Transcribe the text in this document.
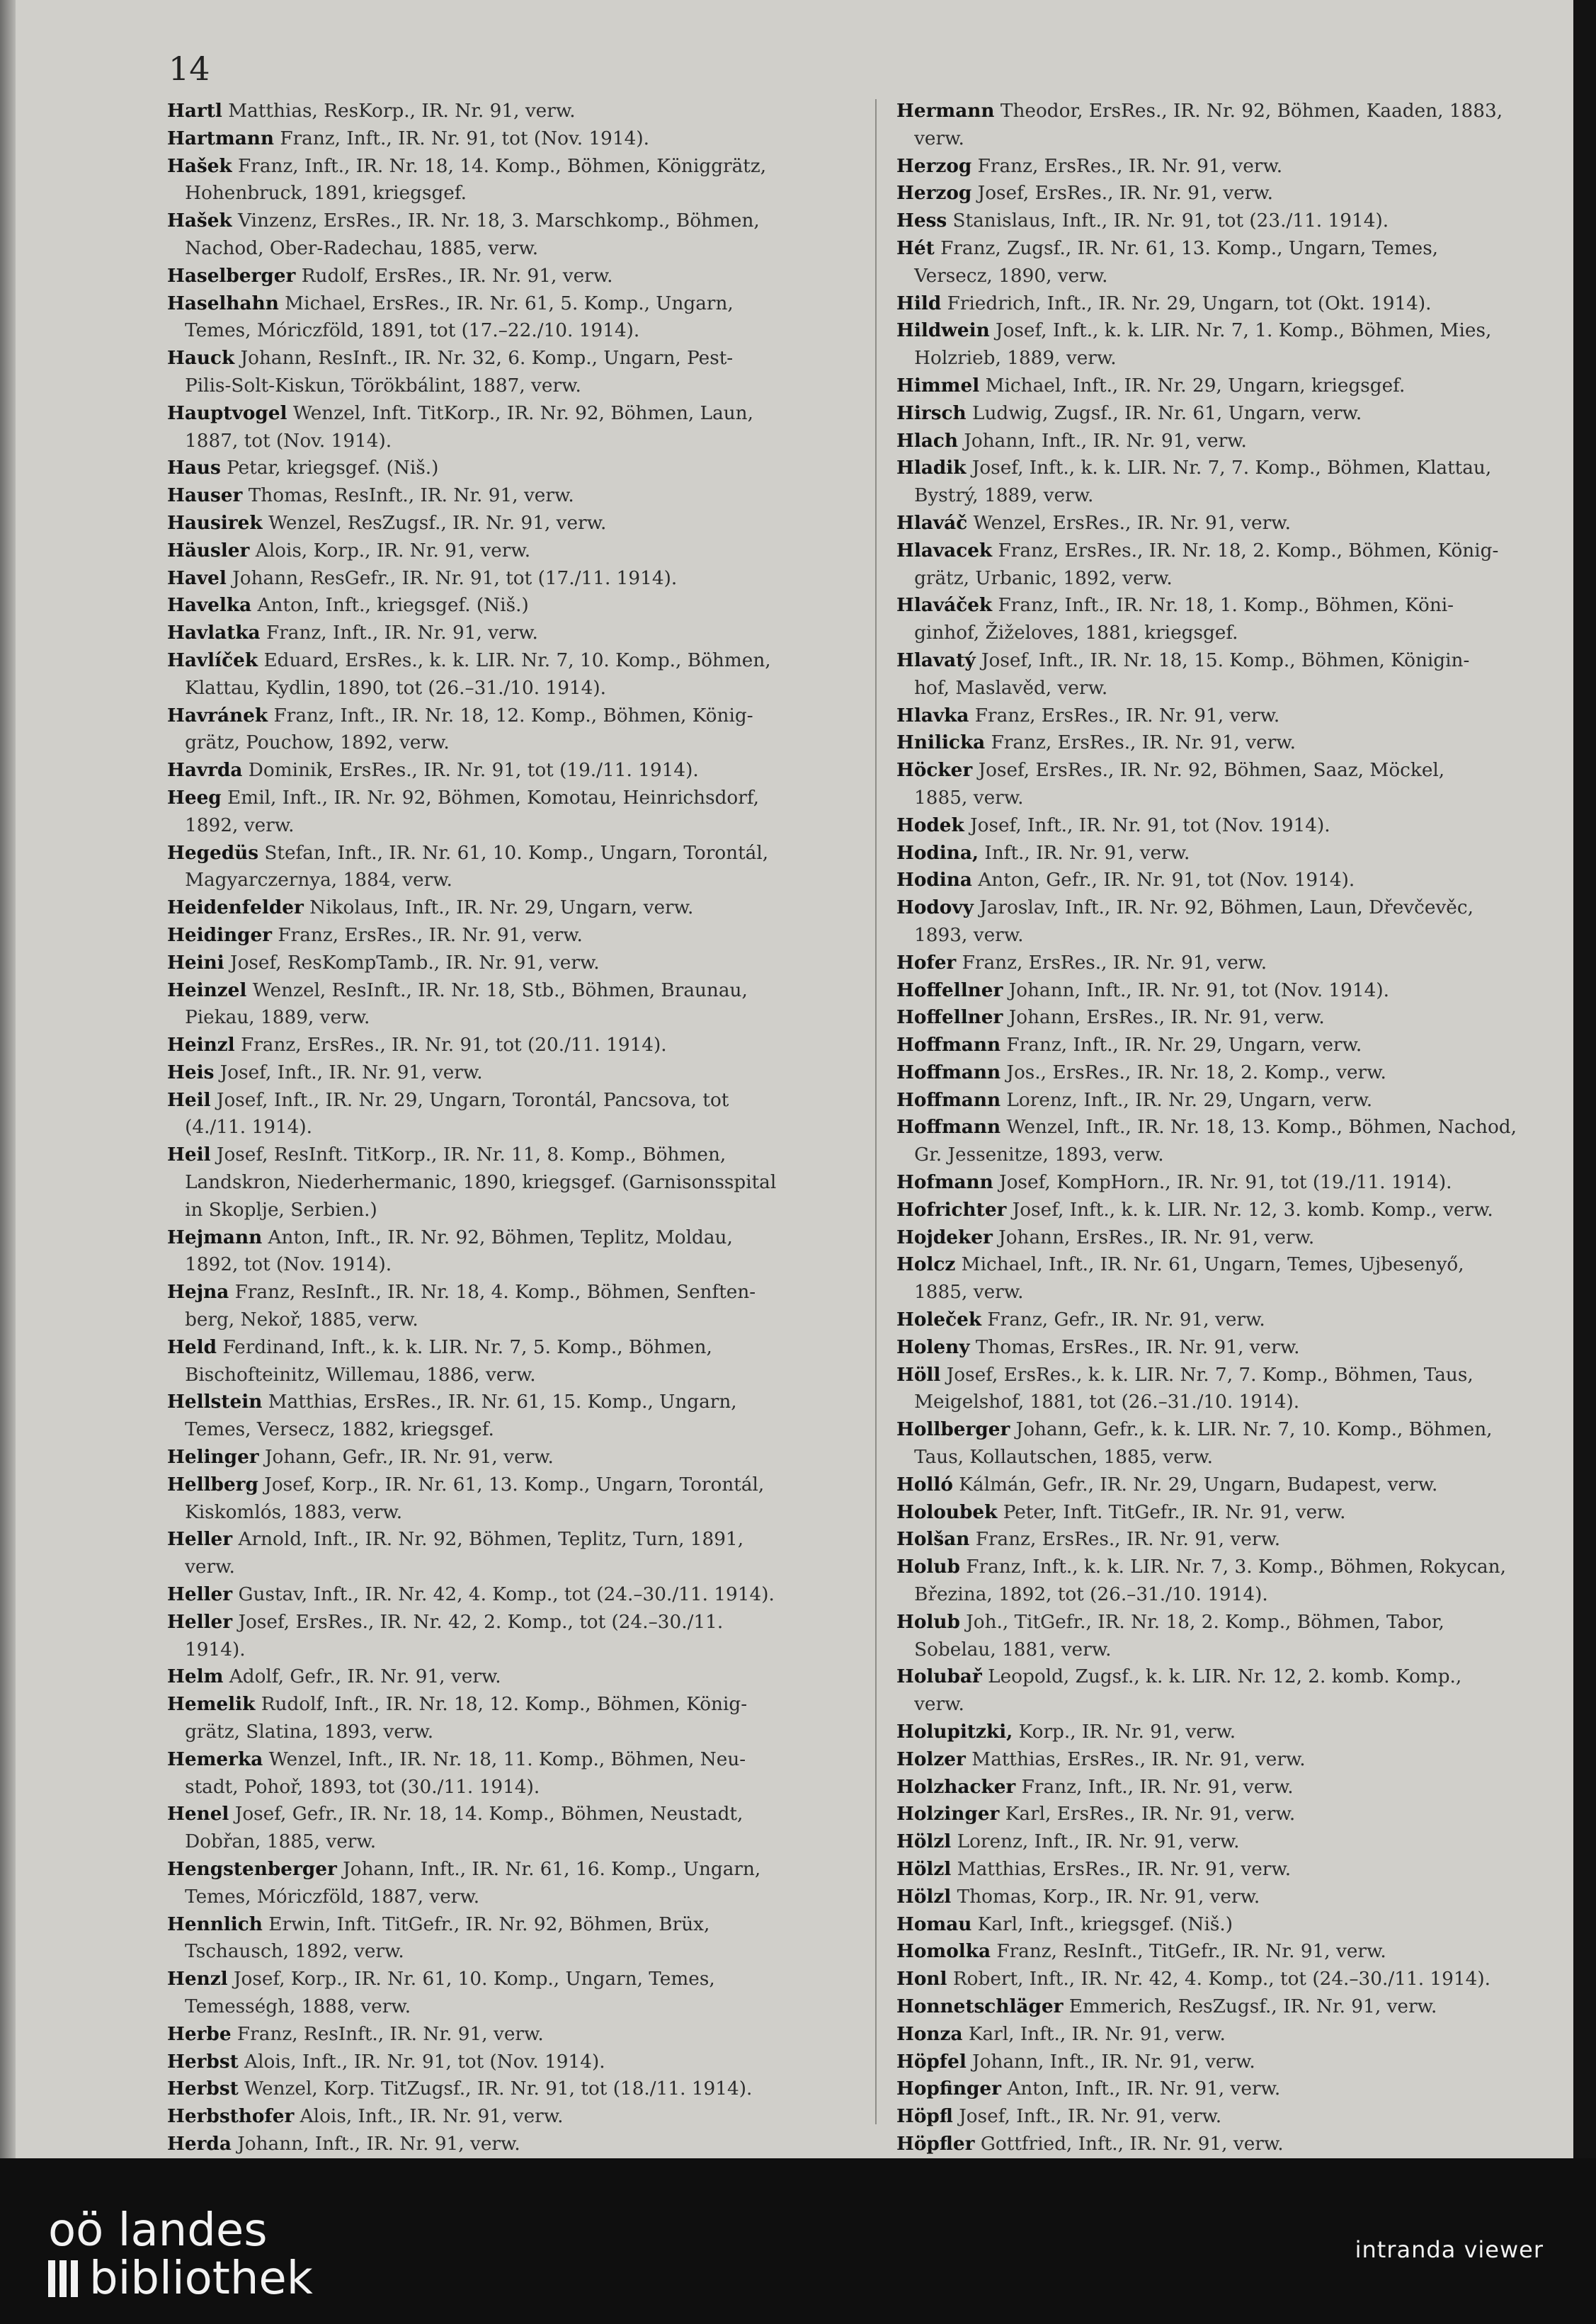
14
Hartl Matthias, ResKorp., IR. Nr. 91, verw.
Hartmann Franz, Inft., IR. Nr. 91, tot (Nov. 1914).
Hašek Franz, Inft., IR. Nr. 18, 14. Komp., Böhmen, Königgrätz,
Hohenbruck, 1891, kriegsgef.
Hašek Vinzenz, ErsRes., IR. Nr. 18, 3. Marschkomp., Böhmen,
Nachod, Ober-Radechau, 1885, verw.
Haselberger Rudolf, ErsRes., IR. Nr. 91, verw.
Haselhahn Michael, ErsRes., IR. Nr. 61, 5. Komp., Ungarn,
Temes, Móriczföld, 1891, tot (17.–22./10. 1914).
Hauck Johann, ResInft., IR. Nr. 32, 6. Komp., Ungarn, Pest-
Pilis-Solt-Kiskun, Törökbálint, 1887, verw.
Hauptvogel Wenzel, Inft. TitKorp., IR. Nr. 92, Böhmen, Laun,
1887, tot (Nov. 1914).
Haus Petar, kriegsgef. (Niš.)
Hauser Thomas, ResInft., IR. Nr. 91, verw.
Hausirek Wenzel, ResZugsf., IR. Nr. 91, verw.
Häusler Alois, Korp., IR. Nr. 91, verw.
Havel Johann, ResGefr., IR. Nr. 91, tot (17./11. 1914).
Havelka Anton, Inft., kriegsgef. (Niš.)
Havlatka Franz, Inft., IR. Nr. 91, verw.
Havlíček Eduard, ErsRes., k. k. LIR. Nr. 7, 10. Komp., Böhmen,
Klattau, Kydlin, 1890, tot (26.–31./10. 1914).
Havránek Franz, Inft., IR. Nr. 18, 12. Komp., Böhmen, König-
grätz, Pouchow, 1892, verw.
Havrda Dominik, ErsRes., IR. Nr. 91, tot (19./11. 1914).
Heeg Emil, Inft., IR. Nr. 92, Böhmen, Komotau, Heinrichsdorf,
1892, verw.
Hegedüs Stefan, Inft., IR. Nr. 61, 10. Komp., Ungarn, Torontál,
Magyarczernya, 1884, verw.
Heidenfelder Nikolaus, Inft., IR. Nr. 29, Ungarn, verw.
Heidinger Franz, ErsRes., IR. Nr. 91, verw.
Heini Josef, ResKompTamb., IR. Nr. 91, verw.
Heinzel Wenzel, ResInft., IR. Nr. 18, Stb., Böhmen, Braunau,
Piekau, 1889, verw.
Heinzl Franz, ErsRes., IR. Nr. 91, tot (20./11. 1914).
Heis Josef, Inft., IR. Nr. 91, verw.
Heil Josef, Inft., IR. Nr. 29, Ungarn, Torontál, Pancsova, tot
(4./11. 1914).
Heil Josef, ResInft. TitKorp., IR. Nr. 11, 8. Komp., Böhmen,
Landskron, Niederhermanic, 1890, kriegsgef. (Garnisonsspital
in Skoplje, Serbien.)
Hejmann Anton, Inft., IR. Nr. 92, Böhmen, Teplitz, Moldau,
1892, tot (Nov. 1914).
Hejna Franz, ResInft., IR. Nr. 18, 4. Komp., Böhmen, Senften-
berg, Nekoř, 1885, verw.
Held Ferdinand, Inft., k. k. LIR. Nr. 7, 5. Komp., Böhmen,
Bischofteinitz, Willemau, 1886, verw.
Hellstein Matthias, ErsRes., IR. Nr. 61, 15. Komp., Ungarn,
Temes, Versecz, 1882, kriegsgef.
Helinger Johann, Gefr., IR. Nr. 91, verw.
Hellberg Josef, Korp., IR. Nr. 61, 13. Komp., Ungarn, Torontál,
Kiskomlós, 1883, verw.
Heller Arnold, Inft., IR. Nr. 92, Böhmen, Teplitz, Turn, 1891,
verw.
Heller Gustav, Inft., IR. Nr. 42, 4. Komp., tot (24.–30./11. 1914).
Heller Josef, ErsRes., IR. Nr. 42, 2. Komp., tot (24.–30./11.
1914).
Helm Adolf, Gefr., IR. Nr. 91, verw.
Hemelik Rudolf, Inft., IR. Nr. 18, 12. Komp., Böhmen, König-
grätz, Slatina, 1893, verw.
Hemerka Wenzel, Inft., IR. Nr. 18, 11. Komp., Böhmen, Neu-
stadt, Pohoř, 1893, tot (30./11. 1914).
Henel Josef, Gefr., IR. Nr. 18, 14. Komp., Böhmen, Neustadt,
Dobřan, 1885, verw.
Hengstenberger Johann, Inft., IR. Nr. 61, 16. Komp., Ungarn,
Temes, Móriczföld, 1887, verw.
Hennlich Erwin, Inft. TitGefr., IR. Nr. 92, Böhmen, Brüx,
Tschausch, 1892, verw.
Henzl Josef, Korp., IR. Nr. 61, 10. Komp., Ungarn, Temes,
Temességh, 1888, verw.
Herbe Franz, ResInft., IR. Nr. 91, verw.
Herbst Alois, Inft., IR. Nr. 91, tot (Nov. 1914).
Herbst Wenzel, Korp. TitZugsf., IR. Nr. 91, tot (18./11. 1914).
Herbsthofer Alois, Inft., IR. Nr. 91, verw.
Herda Johann, Inft., IR. Nr. 91, verw.
Hermann Theodor, ErsRes., IR. Nr. 92, Böhmen, Kaaden, 1883,
verw.
Herzog Franz, ErsRes., IR. Nr. 91, verw.
Herzog Josef, ErsRes., IR. Nr. 91, verw.
Hess Stanislaus, Inft., IR. Nr. 91, tot (23./11. 1914).
Hét Franz, Zugsf., IR. Nr. 61, 13. Komp., Ungarn, Temes,
Versecz, 1890, verw.
Hild Friedrich, Inft., IR. Nr. 29, Ungarn, tot (Okt. 1914).
Hildwein Josef, Inft., k. k. LIR. Nr. 7, 1. Komp., Böhmen, Mies,
Holzrieb, 1889, verw.
Himmel Michael, Inft., IR. Nr. 29, Ungarn, kriegsgef.
Hirsch Ludwig, Zugsf., IR. Nr. 61, Ungarn, verw.
Hlach Johann, Inft., IR. Nr. 91, verw.
Hladik Josef, Inft., k. k. LIR. Nr. 7, 7. Komp., Böhmen, Klattau,
Bystrý, 1889, verw.
Hlaváč Wenzel, ErsRes., IR. Nr. 91, verw.
Hlavacek Franz, ErsRes., IR. Nr. 18, 2. Komp., Böhmen, König-
grätz, Urbanic, 1892, verw.
Hlaváček Franz, Inft., IR. Nr. 18, 1. Komp., Böhmen, Köni-
ginhof, Žiželoves, 1881, kriegsgef.
Hlavatý Josef, Inft., IR. Nr. 18, 15. Komp., Böhmen, Königin-
hof, Maslavěd, verw.
Hlavka Franz, ErsRes., IR. Nr. 91, verw.
Hnilicka Franz, ErsRes., IR. Nr. 91, verw.
Höcker Josef, ErsRes., IR. Nr. 92, Böhmen, Saaz, Möckel,
1885, verw.
Hodek Josef, Inft., IR. Nr. 91, tot (Nov. 1914).
Hodina, Inft., IR. Nr. 91, verw.
Hodina Anton, Gefr., IR. Nr. 91, tot (Nov. 1914).
Hodovy Jaroslav, Inft., IR. Nr. 92, Böhmen, Laun, Dřevčevěc,
1893, verw.
Hofer Franz, ErsRes., IR. Nr. 91, verw.
Hoffellner Johann, Inft., IR. Nr. 91, tot (Nov. 1914).
Hoffellner Johann, ErsRes., IR. Nr. 91, verw.
Hoffmann Franz, Inft., IR. Nr. 29, Ungarn, verw.
Hoffmann Jos., ErsRes., IR. Nr. 18, 2. Komp., verw.
Hoffmann Lorenz, Inft., IR. Nr. 29, Ungarn, verw.
Hoffmann Wenzel, Inft., IR. Nr. 18, 13. Komp., Böhmen, Nachod,
Gr. Jessenitze, 1893, verw.
Hofmann Josef, KompHorn., IR. Nr. 91, tot (19./11. 1914).
Hofrichter Josef, Inft., k. k. LIR. Nr. 12, 3. komb. Komp., verw.
Hojdeker Johann, ErsRes., IR. Nr. 91, verw.
Holcz Michael, Inft., IR. Nr. 61, Ungarn, Temes, Ujbesenyő,
1885, verw.
Holeček Franz, Gefr., IR. Nr. 91, verw.
Holeny Thomas, ErsRes., IR. Nr. 91, verw.
Höll Josef, ErsRes., k. k. LIR. Nr. 7, 7. Komp., Böhmen, Taus,
Meigelshof, 1881, tot (26.–31./10. 1914).
Hollberger Johann, Gefr., k. k. LIR. Nr. 7, 10. Komp., Böhmen,
Taus, Kollautschen, 1885, verw.
Holló Kálmán, Gefr., IR. Nr. 29, Ungarn, Budapest, verw.
Holoubek Peter, Inft. TitGefr., IR. Nr. 91, verw.
Holšan Franz, ErsRes., IR. Nr. 91, verw.
Holub Franz, Inft., k. k. LIR. Nr. 7, 3. Komp., Böhmen, Rokycan,
Březina, 1892, tot (26.–31./10. 1914).
Holub Joh., TitGefr., IR. Nr. 18, 2. Komp., Böhmen, Tabor,
Sobelau, 1881, verw.
Holubař Leopold, Zugsf., k. k. LIR. Nr. 12, 2. komb. Komp.,
verw.
Holupitzki, Korp., IR. Nr. 91, verw.
Holzer Matthias, ErsRes., IR. Nr. 91, verw.
Holzhacker Franz, Inft., IR. Nr. 91, verw.
Holzinger Karl, ErsRes., IR. Nr. 91, verw.
Hölzl Lorenz, Inft., IR. Nr. 91, verw.
Hölzl Matthias, ErsRes., IR. Nr. 91, verw.
Hölzl Thomas, Korp., IR. Nr. 91, verw.
Homau Karl, Inft., kriegsgef. (Niš.)
Homolka Franz, ResInft., TitGefr., IR. Nr. 91, verw.
Honl Robert, Inft., IR. Nr. 42, 4. Komp., tot (24.–30./11. 1914).
Honnetschläger Emmerich, ResZugsf., IR. Nr. 91, verw.
Honza Karl, Inft., IR. Nr. 91, verw.
Höpfel Johann, Inft., IR. Nr. 91, verw.
Hopfinger Anton, Inft., IR. Nr. 91, verw.
Höpfl Josef, Inft., IR. Nr. 91, verw.
Höpfler Gottfried, Inft., IR. Nr. 91, verw.
oö landes
bibliothek
intranda viewer
